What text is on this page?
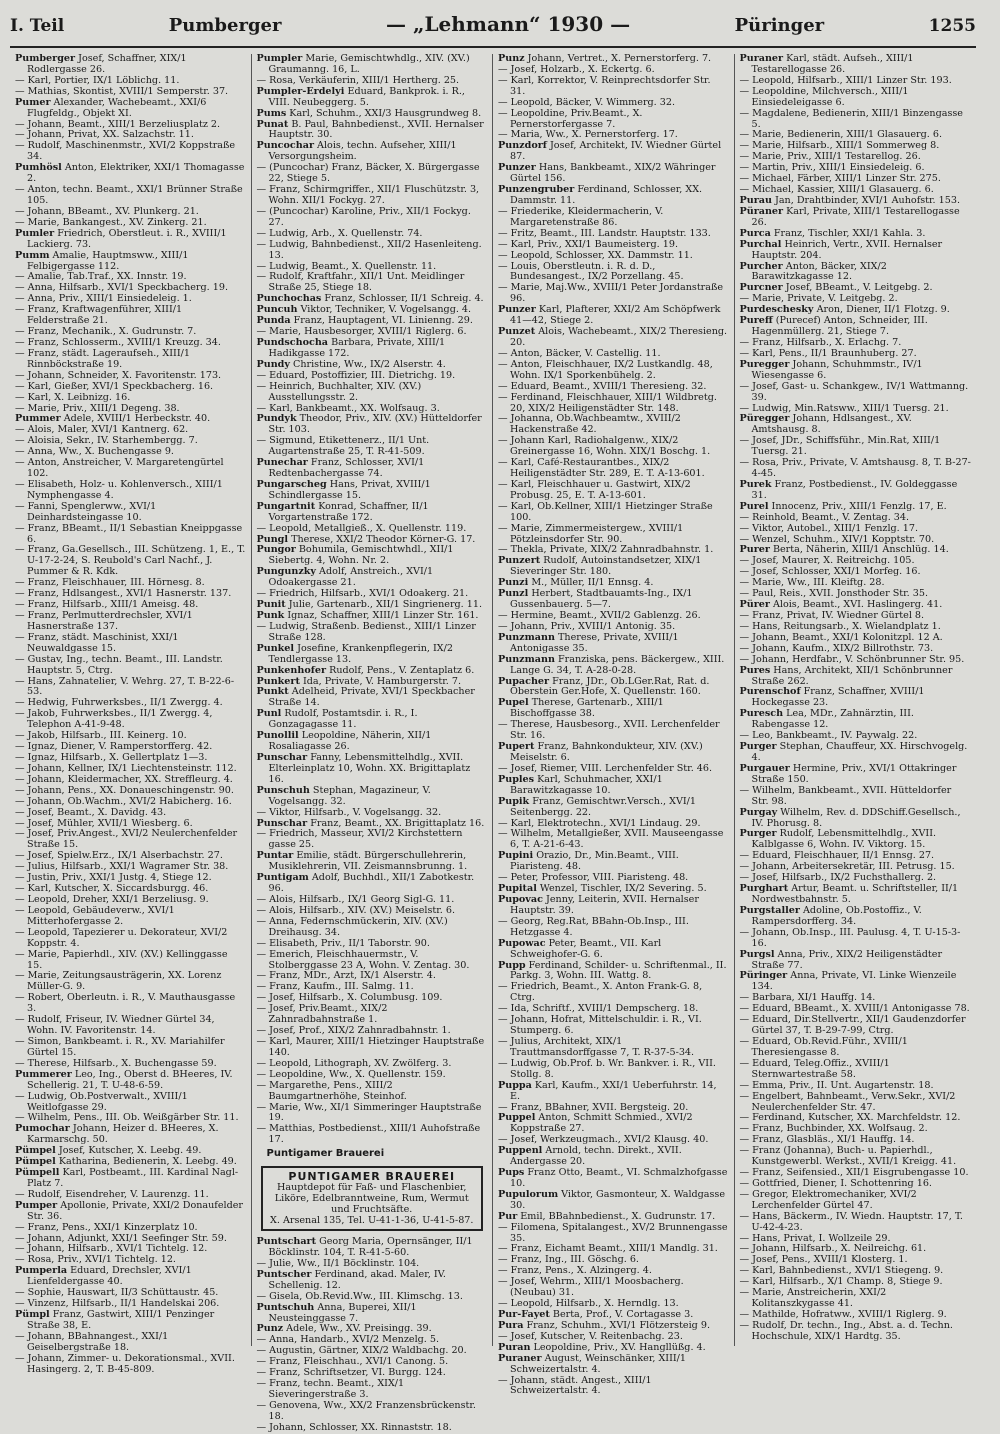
I. Teil	Pumberger	— „Lehmann“ 1930 —	Püringer	1255
Pumberger Josef, Schaffner, XIX/1 Rodlergasse 26.
— Karl, Portier, IX/1 Löblichg. 11.
— Mathias, Skontist, XVIII/1 Semperstr. 37.
Pumer Alexander, Wachebeamt., XXI/6 Flugfeldg., Objekt XI.
— Johann, Beamt., XIII/1 Berzeliusplatz 2.
— Johann, Privat, XX. Salzachstr. 11.
— Rudolf, Maschinenmstr., XVI/2 Koppstraße 34.
Pumhösl Anton, Elektriker, XXI/1 Thomagasse 2.
— Anton, techn. Beamt., XXI/1 Brünner Straße 105.
— Johann, BBeamt., XV. Plunkerg. 21.
— Marie, Bankangest., XV. Zinkerg. 21.
Pumler Friedrich, Oberstleut. i. R., XVIII/1 Lackierg. 73.
Pumm Amalie, Hauptmsww., XIII/1 Felbigergasse 112.
— Amalie, Tab.Traf., XX. Innstr. 19.
— Anna, Hilfsarb., XVI/1 Speckbacherg. 19.
— Anna, Priv., XIII/1 Einsiedeleig. 1.
— Franz, Kraftwagenführer, XIII/1 Felderstraße 21.
— Franz, Mechanik., X. Gudrunstr. 7.
— Franz, Schlosserm., XVIII/1 Kreuzg. 34.
— Franz, städt. Lageraufseh., XIII/1 Rinnböckstraße 19.
— Johann, Schneider, X. Favoritenstr. 173.
— Karl, Gießer, XVI/1 Speckbacherg. 16.
— Karl, X. Leibnizg. 16.
— Marie, Priv., XIII/1 Degeng. 38.
Pummer Adele, XVIII/1 Herbeckstr. 40.
— Alois, Maler, XVI/1 Kantnerg. 62.
— Aloisia, Sekr., IV. Starhembergg. 7.
— Anna, Ww., X. Buchengasse 9.
— Anton, Anstreicher, V. Margaretengürtel 102.
— Elisabeth, Holz- u. Kohlenversch., XIII/1 Nymphengasse 4.
— Fanni, Spenglerww., XVI/1 Deinhardsteingasse 10.
— Franz, BBeamt., II/1 Sebastian Kneippgasse 6.
— Franz, Ga.Gesellsch., III. Schützeng. 1, E., T. U-17-2-24, S. Reubold's Carl Nachf., J. Pummer & R. Kdk.
— Franz, Fleischhauer, III. Hörnesg. 8.
— Franz, Hdlsangest., XVI/1 Hasnerstr. 137.
— Franz, Hilfsarb., XIII/1 Ameisg. 48.
— Franz, Perlmutterdrechsler, XVI/1 Hasnerstraße 137.
— Franz, städt. Maschinist, XXI/1 Neuwaldgasse 15.
— Gustav, Ing., techn. Beamt., III. Landstr. Hauptstr. 5, Ctrg.
— Hans, Zahnatelier, V. Wehrg. 27, T. B-22-6-53.
— Hedwig, Fuhrwerksbes., II/1 Zwergg. 4.
— Jakob, Fuhrwerksbes., II/1 Zwergg. 4, Telephon A-41-9-48.
— Jakob, Hilfsarb., III. Keinerg. 10.
— Ignaz, Diener, V. Ramperstorfferg. 42.
— Ignaz, Hilfsarb., X. Gellertplatz 1—3.
— Johann, Kellner, IX/1 Liechtensteinstr. 112.
— Johann, Kleidermacher, XX. Streffleurg. 4.
— Johann, Pens., XX. Donaueschingenstr. 90.
— Johann, Ob.Wachm., XVI/2 Habicherg. 16.
— Josef, Beamt., X. Davidg. 43.
— Josef, Mühler, XVII/1 Wiesberg. 6.
— Josef, Priv.Angest., XVI/2 Neulerchenfelder Straße 15.
— Josef, Spielw.Erz., IX/1 Alserbachstr. 27.
— Julius, Hilfsarb., XXI/1 Wagramer Str. 38.
— Justin, Priv., XXI/1 Justg. 4, Stiege 12.
— Karl, Kutscher, X. Siccardsburgg. 46.
— Leopold, Dreher, XXI/1 Berzeliusg. 9.
— Leopold, Gebäudeverw., XVI/1 Mitterhofergasse 2.
— Leopold, Tapezierer u. Dekorateur, XVI/2 Koppstr. 4.
— Marie, Papierhdl., XIV. (XV.) Kellinggasse 15.
— Marie, Zeitungsausträgerin, XX. Lorenz Müller-G. 9.
— Robert, Oberleutn. i. R., V. Mauthausgasse 3.
— Rudolf, Friseur, IV. Wiedner Gürtel 34, Wohn. IV. Favoritenstr. 14.
— Simon, Bankbeamt. i. R., XV. Mariahilfer Gürtel 15.
— Therese, Hilfsarb., X. Buchengasse 59.
Pummerer Leo, Ing., Oberst d. BHeeres, IV. Schellerig. 21, T. U-48-6-59.
— Ludwig, Ob.Postverwalt., XVIII/1 Weitlofgasse 29.
— Wilhelm, Pens., III. Ob. Weißgärber Str. 11.
Pumochar Johann, Heizer d. BHeeres, X. Karmarschg. 50.
Pümpel Josef, Kutscher, X. Leebg. 49.
Pümpel Katharina, Bedienerin, X. Leebg. 49.
Pümpell Karl, Postbeamt., III. Kardinal Nagl-Platz 7.
— Rudolf, Eisendreher, V. Laurenzg. 11.
Pumper Apollonie, Private, XXI/2 Donaufelder Str. 36.
— Franz, Pens., XXI/1 Kinzerplatz 10.
— Johann, Adjunkt, XXI/1 Seefinger Str. 59.
— Johann, Hilfsarb., XVI/1 Tichtelg. 12.
— Rosa, Priv., XVI/1 Tichtelg. 12.
Pumperla Eduard, Drechsler, XVI/1 Lienfeldergasse 40.
— Sophie, Hauswart, II/3 Schüttaustr. 45.
— Vinzenz, Hilfsarb., II/1 Handelskai 206.
Pümpl Franz, Gastwirt, XIII/1 Penzinger Straße 38, E.
— Johann, BBahnangest., XXI/1 Geiselbergstraße 18.
— Johann, Zimmer- u. Dekorationsmal., XVII. Hasingerg. 2, T. B-45-809.
Pumpler Marie, Gemischtwhdlg., XIV. (XV.) Graumanng. 16, L.
— Rosa, Verkäuferin, XIII/1 Hertherg. 25.
Pumpler-Erdelyi Eduard, Bankprok. i. R., VIII. Neubeggerg. 5.
Pums Karl, Schuhm., XXI/3 Hausgrundweg 8.
Punat B. Paul, Bahnbedienst., XVII. Hernalser Hauptstr. 30.
Puncochar Alois, techn. Aufseher, XIII/1 Versorgungsheim.
— (Puncochar) Franz, Bäcker, X. Bürgergasse 22, Stiege 5.
— Franz, Schirmgriffer., XII/1 Fluschützstr. 3, Wohn. XII/1 Fockyg. 27.
— (Puncochar) Karoline, Priv., XII/1 Fockyg. 27.
— Ludwig, Arb., X. Quellenstr. 74.
— Ludwig, Bahnbedienst., XII/2 Hasenleiteng. 13.
— Ludwig, Beamt., X. Quellenstr. 11.
— Rudolf, Kraftfahr., XII/1 Unt. Meidlinger Straße 25, Stiege 18.
Punchochas Franz, Schlosser, II/1 Schreig. 4.
Puncuh Viktor, Techniker, V. Vogelsangg. 4.
Punda Franz, Hauptagent, VI. Linienng. 29.
— Marie, Hausbesorger, XVIII/1 Riglerg. 6.
Pundschocha Barbara, Private, XIII/1 Hadikgasse 172.
Pundy Christine, Ww., IX/2 Alserstr. 4.
— Eduard, Postoffizier, III. Dietrichg. 19.
— Heinrich, Buchhalter, XIV. (XV.) Ausstellungsstr. 2.
— Karl, Bankbeamt., XX. Wolfsaug. 3.
Pundyk Theodor, Priv., XIV. (XV.) Hütteldorfer Str. 103.
— Sigmund, Etikettenerz., II/1 Unt. Augartenstraße 25, T. R-41-509.
Punechar Franz, Schlosser, XVI/1 Redtenbachergasse 74.
Pungarscheg Hans, Privat, XVIII/1 Schindlergasse 15.
Pungartnit Konrad, Schaffner, II/1 Vorgartenstraße 172.
— Leopold, Metallgieß., X. Quellenstr. 119.
Pungl Therese, XXI/2 Theodor Körner-G. 17.
Pungor Bohumila, Gemischtwhdl., XII/1 Siebertg. 4, Wohn. Nr. 2.
Pungunzky Adolf, Anstreich., XVI/1 Odoakergasse 21.
— Friedrich, Hilfsarb., XVI/1 Odoakerg. 21.
Punit Julie, Gartenarb., XII/1 Singrienerg. 11.
Punk Ignaz, Schaffner, XIII/1 Linzer Str. 161.
— Ludwig, Straßenb. Bedienst., XIII/1 Linzer Straße 128.
Punkel Josefine, Krankenpflegerin, IX/2 Tendlergasse 13.
Punkenhofer Rudolf, Pens., V. Zentaplatz 6.
Punkert Ida, Private, V. Hamburgerstr. 7.
Punkt Adelheid, Private, XVI/1 Speckbacher Straße 14.
Punl Rudolf, Postamtsdir. i. R., I. Gonzagagasse 11.
Punollil Leopoldine, Näherin, XII/1 Rosaliagasse 26.
Punschar Fanny, Lebensmittelhdlg., XVII. Elterleinplatz 10, Wohn. XX. Brigittaplatz 16.
Punschuh Stephan, Magazineur, V. Vogelsangg. 32.
— Viktor, Hilfsarb., V. Vogelsangg. 32.
Punschar Franz, Beamt., XX. Brigittaplatz 16.
— Friedrich, Masseur, XVI/2 Kirchstettern gasse 25.
Puntar Emilie, städt. Bürgerschullehrerin, Musiklehrerin, VII. Zeismannsbrunng. 1.
Puntigam Adolf, Buchhdl., XII/1 Zabotkestr. 96.
— Alois, Hilfsarb., IX/1 Georg Sigl-G. 11.
— Alois, Hilfsarb., XIV. (XV.) Meiselstr. 6.
— Anna, Federnschmückerin, XIV. (XV.) Dreihausg. 34.
— Elisabeth, Priv., II/1 Taborstr. 90.
— Emerich, Fleischhauermstr., V. Stolberggasse 23 A, Wohn. V. Zentag. 30.
— Franz, MDr., Arzt, IX/1 Alserstr. 4.
— Franz, Kaufm., III. Salmg. 11.
— Josef, Hilfsarb., X. Columbusg. 109.
— Josef, Priv.Beamt., XIX/2 Zahnradbahnstraße 1.
— Josef, Prof., XIX/2 Zahnradbahnstr. 1.
— Karl, Maurer, XIII/1 Hietzinger Hauptstraße 140.
— Leopold, Lithograph, XV. Zwölferg. 3.
— Leopoldine, Ww., X. Quellenstr. 159.
— Margarethe, Pens., XIII/2 Baumgartnerhöhe, Steinhof.
— Marie, Ww., XI/1 Simmeringer Hauptstraße 19.
— Matthias, Postbedienst., XIII/1 Auhofstraße 17.
Puntigamer Brauerei
PUNTIGAMER BRAUEREI
Hauptdepot für Faß- und Flaschenbier, Liköre, Edelbranntweine, Rum, Wermut und Fruchtsäfte.
X. Arsenal 135, Tel. U-41-1-36, U-41-5-87.
Puntschart Georg Maria, Opernsänger, II/1 Böcklinstr. 104, T. R-41-5-60.
— Julie, Ww., II/1 Böcklinstr. 104.
Puntscher Ferdinand, akad. Maler, IV. Schellenig. 12.
— Gisela, Ob.Revid.Ww., III. Klimschg. 13.
Puntschuh Anna, Buperei, XII/1 Neusteinggasse 7.
Punz Adele, Ww., XV. Preisingg. 39.
— Anna, Handarb., XVI/2 Menzelg. 5.
— Augustin, Gärtner, XIX/2 Waldbachg. 20.
— Franz, Fleischhau., XVI/1 Canong. 5.
— Franz, Schriftsetzer, VI. Burgg. 124.
— Franz, techn. Beamt., XIX/1 Sieveringerstraße 3.
— Genovena, Ww., XX/2 Franzensbrückenstr. 18.
— Johann, Schlosser, XX. Rinnaststr. 18.
Punz Johann, Vertret., X. Pernerstorferg. 7.
— Josef, Holzarb., X. Eckertg. 6.
— Karl, Korrektor, V. Reinprechtsdorfer Str. 31.
— Leopold, Bäcker, V. Wimmerg. 32.
— Leopoldine, Priv.Beamt., X. Pernerstorfergasse 7.
— Maria, Ww., X. Pernerstorferg. 17.
Punzdorf Josef, Architekt, IV. Wiedner Gürtel 87.
Punzer Hans, Bankbeamt., XIX/2 Währinger Gürtel 156.
Punzengruber Ferdinand, Schlosser, XX. Dammstr. 11.
— Friederike, Kleidermacherin, V. Margaretenstraße 86.
— Fritz, Beamt., III. Landstr. Hauptstr. 133.
— Karl, Priv., XXI/1 Baumeisterg. 19.
— Leopold, Schlosser, XX. Dammstr. 11.
— Louis, Oberstleutn. i. R. d. D., Bundesangest., IX/2 Porzellang. 45.
— Marie, Maj.Ww., XVIII/1 Peter Jordanstraße 96.
Punzer Karl, Plafterer, XXI/2 Am Schöpfwerk 41—42, Stiege 2.
Punzet Alois, Wachebeamt., XIX/2 Theresieng. 20.
— Anton, Bäcker, V. Castellig. 11.
— Anton, Fleischhauer, IX/2 Lustkandlg. 48, Wohn. IX/1 Sporkenbühelg. 2.
— Eduard, Beamt., XVIII/1 Theresieng. 32.
— Ferdinand, Fleischhauer, XIII/1 Wildbretg. 20, XIX/2 Heiligenstädter Str. 148.
— Johanna, Ob.Wachbeamtw., XVIII/2 Hackenstraße 42.
— Johann Karl, Radiohalgenw., XIX/2 Greinergasse 16, Wohn. XIX/1 Boschg. 1.
— Karl, Café-Restaurantbes., XIX/2 Heiligenstädter Str. 289, E. T. A-13-601.
— Karl, Fleischhauer u. Gastwirt, XIX/2 Probusg. 25, E. T. A-13-601.
— Karl, Ob.Kellner, XIII/1 Hietzinger Straße 100.
— Marie, Zimmermeistergew., XVIII/1 Pötzleinsdorfer Str. 90.
— Thekla, Private, XIX/2 Zahnradbahnstr. 1.
Punzert Rudolf, Autoinstandsetzer, XIX/1 Sieveringer Str. 180.
Punzi M., Müller, II/1 Ennsg. 4.
Punzl Herbert, Stadtbauamts-Ing., IX/1 Gussenbauerg. 5—7.
— Hermine, Beamt., XVII/2 Gablenzg. 26.
— Johann, Priv., XVIII/1 Antonig. 35.
Punzmann Therese, Private, XVIII/1 Antonigasse 35.
Punzmann Franziska, pens. Bäckergew., XIII. Lange G. 34, T. A-28-0-28.
Pupacher Franz, JDr., Ob.LGer.Rat, Rat. d. Oberstein Ger.Hofe, X. Quellenstr. 160.
Pupel Therese, Gartenarb., XIII/1 Bischoffgasse 38.
— Therese, Hausbesorg., XVII. Lerchenfelder Str. 16.
Pupert Franz, Bahnkondukteur, XIV. (XV.) Meiselstr. 6.
— Josef, Riemer, VIII. Lerchenfelder Str. 46.
Puples Karl, Schuhmacher, XXI/1 Barawitzkagasse 10.
Pupik Franz, Gemischtwr.Versch., XVI/1 Seitenbergg. 22.
— Karl, Elektrotechn., XVI/1 Lindaug. 29.
— Wilhelm, Metallgießer, XVII. Mauseengasse 6, T. A-21-6-43.
Pupini Orazio, Dr., Min.Beamt., VIII. Piaristeng. 48.
— Peter, Professor, VIII. Piaristeng. 48.
Pupital Wenzel, Tischler, IX/2 Severing. 5.
Pupovac Jenny, Leiterin, XVII. Hernalser Hauptstr. 39.
— Georg, Reg.Rat, BBahn-Ob.Insp., III. Hetzgasse 4.
Pupowac Peter, Beamt., VII. Karl Schweighofer-G. 6.
Pupp Ferdinand, Schilder- u. Schriftenmal., II. Parkg. 3, Wohn. III. Wattg. 8.
— Friedrich, Beamt., X. Anton Frank-G. 8, Ctrg.
— Ida, Schriftf., XVIII/1 Dempscherg. 18.
— Johann, Hofrat, Mittelschuldir. i. R., VI. Stumperg. 6.
— Julius, Architekt, XIX/1 Trauttmansdorffgasse 7, T. R-37-5-34.
— Ludwig, Ob.Prof. b. Wr. Bankver. i. R., VII. Stollg. 8.
Puppa Karl, Kaufm., XXI/1 Ueberfuhrstr. 14, E.
— Franz, BBahner, XVII. Bergsteig. 20.
Puppel Anton, Schmitt Schmied., XVI/2 Koppstraße 27.
— Josef, Werkzeugmach., XVI/2 Klausg. 40.
Puppenl Arnold, techn. Direkt., XVII. Andergasse 20.
Pups Franz Otto, Beamt., VI. Schmalzhofgasse 10.
Pupulorum Viktor, Gasmonteur, X. Waldgasse 30.
Pur Emil, BBahnbedienst., X. Gudrunstr. 17.
— Filomena, Spitalangest., XV/2 Brunnengasse 35.
— Franz, Eichamt Beamt., XIII/1 Mandlg. 31.
— Franz, Ing., III. Göschg. 6.
— Franz, Pens., X. Alzingerg. 4.
— Josef, Wehrm., XIII/1 Moosbacherg. (Neubau) 31.
— Leopold, Hilfsarb., X. Herndlg. 13.
Pur-Fayet Berta, Prof., V. Cortagasse 3.
Pura Franz, Schuhm., XVI/1 Flötzersteig 9.
— Josef, Kutscher, V. Reitenbachg. 23.
Puran Leopoldine, Priv., XV. Hangllüßg. 4.
Puraner August, Weinschänker, XIII/1 Schweizertalstr. 4.
— Johann, städt. Angest., XIII/1 Schweizertalstr. 4.
Puraner Karl, städt. Aufseh., XIII/1 Testarellogasse 26.
— Leopold, Hilfsarb., XIII/1 Linzer Str. 193.
— Leopoldine, Milchversch., XIII/1 Einsiedeleigasse 6.
— Magdalene, Bedienerin, XIII/1 Binzengasse 5.
— Marie, Bedienerin, XIII/1 Glasauerg. 6.
— Marie, Hilfsarb., XIII/1 Sommerweg 8.
— Marie, Priv., XIII/1 Testarellog. 26.
— Martin, Priv., XIII/1 Einsiedeleig. 6.
— Michael, Färber, XIII/1 Linzer Str. 275.
— Michael, Kassier, XIII/1 Glasauerg. 6.
Purau Jan, Drahtbinder, XVI/1 Auhofstr. 153.
Püraner Karl, Private, XIII/1 Testarellogasse 26.
Purca Franz, Tischler, XXI/1 Kahla. 3.
Purchal Heinrich, Vertr., XVII. Hernalser Hauptstr. 204.
Purcher Anton, Bäcker, XIX/2 Barawitzkagasse 12.
Purcner Josef, BBeamt., V. Leitgebg. 2.
— Marie, Private, V. Leitgebg. 2.
Purdeschesky Aron, Diener, II/1 Flotzg. 9.
Pureff (Purecef) Anton, Schneider, III. Hagenmüllerg. 21, Stiege 7.
— Franz, Hilfsarb., X. Erlachg. 7.
— Karl, Pens., II/1 Braunhuberg. 27.
Puregger Johann, Schuhmmstr., IV/1 Wiesengasse 6.
— Josef, Gast- u. Schankgew., IV/1 Wattmanng. 39.
— Ludwig, Min.Ratsww., XIII/1 Tuersg. 21.
Püregger Johann, Hdlsangest., XV. Amtshausg. 8.
— Josef, JDr., Schiffsführ., Min.Rat, XIII/1 Tuersg. 21.
— Rosa, Priv., Private, V. Amtshausg. 8, T. B-27-4-45.
Purek Franz, Postbedienst., IV. Goldeggasse 31.
Purel Innocenz, Priv., XIII/1 Fenzlg. 17, E.
— Reinhold, Beamt., V. Zentag. 34.
— Viktor, Autobel., XIII/1 Fenzlg. 17.
— Wenzel, Schuhm., XIV/1 Kopptstr. 70.
Purer Berta, Näherin, XIII/1 Anschlüg. 14.
— Josef, Maurer, X. Reitreichg. 105.
— Josef, Schlosser, XXI/1 Morfeg. 16.
— Marie, Ww., III. Kleiftg. 28.
— Paul, Reis., XVII. Jonsthoder Str. 35.
Pürer Alois, Beamt., XVI. Haslingerg. 41.
— Franz, Privat, IV. Wiedner Gürtel 8.
— Hans, Reitungsarb., X. Wielandplatz 1.
— Johann, Beamt., XXI/1 Kolonitzpl. 12 A.
— Johann, Kaufm., XIX/2 Billrothstr. 73.
— Johann, Herdfabr., V. Schönbrunner Str. 95.
Pures Hans, Architekt, XII/1 Schönbrunner Straße 262.
Purenschof Franz, Schaffner, XVIII/1 Hockegasse 23.
Puresch Lea, MDr., Zahnärztin, III. Rabengasse 12.
— Leo, Bankbeamt., IV. Paywalg. 22.
Purger Stephan, Chauffeur, XX. Hirschvogelg. 4.
Purgauer Hermine, Priv., XVI/1 Ottakringer Straße 150.
— Wilhelm, Bankbeamt., XVII. Hütteldorfer Str. 98.
Purgay Wilhelm, Rev. d. DDSchiff.Gesellsch., IV. Phorusg. 8.
Purger Rudolf, Lebensmittelhdlg., XVII. Kalblgasse 6, Wohn. IV. Viktorg. 15.
— Eduard, Fleischhauer, II/1 Ennsg. 27.
— Johann, Arbeitersekretär, III. Petrusg. 15.
— Josef, Hilfsarb., IX/2 Fuchsthallerg. 2.
Purghart Artur, Beamt. u. Schriftsteller, II/1 Nordwestbahnstr. 5.
Purgstaller Adoline, Ob.Postoffiz., V. Rampersdorfferg. 34.
— Johann, Ob.Insp., III. Paulusg. 4, T. U-15-3-16.
Purgsl Anna, Priv., XIX/2 Heiligenstädter Straße 77.
Püringer Anna, Private, VI. Linke Wienzeile 134.
— Barbara, XI/1 Hauffg. 14.
— Eduard, BBeamt., X. XVIII/1 Antonigasse 78.
— Eduard, Dir.Stellvertr., XII/1 Gaudenzdorfer Gürtel 37, T. B-29-7-99, Ctrg.
— Eduard, Ob.Revid.Führ., XVIII/1 Theresiengasse 8.
— Eduard, Teleg.Offiz., XVIII/1 Sternwartestraße 58.
— Emma, Priv., II. Unt. Augartenstr. 18.
— Engelbert, Bahnbeamt., Verw.Sekr., XVI/2 Neulerchenfelder Str. 47.
— Ferdinand, Kutscher, XX. Marchfeldstr. 12.
— Franz, Buchbinder, XX. Wolfsaug. 2.
— Franz, Glasbläs., XI/1 Hauffg. 14.
— Franz (Johanna), Buch- u. Papierhdl., Kunstgewerbl. Werkst., XVII/1 Kreigg. 41.
— Franz, Seifensied., XII/1 Eisgrubengasse 10.
— Gottfried, Diener, I. Schottenring 16.
— Gregor, Elektromechaniker, XVI/2 Lerchenfelder Gürtel 47.
— Hans, Bäckerm., IV. Wiedn. Hauptstr. 17, T. U-42-4-23.
— Hans, Privat, I. Wollzeile 29.
— Johann, Hilfsarb., X. Neilreichg. 61.
— Josef, Pens., XVIII/1 Klosterg. 1.
— Karl, Bahnbedienst., XVI/1 Stiegeng. 9.
— Karl, Hilfsarb., X/1 Champ. 8, Stiege 9.
— Marie, Anstreicherin, XXI/2 Kolitanszkygasse 41.
— Mathilde, Hofratww., XVIII/1 Riglerg. 9.
— Rudolf, Dr. techn., Ing., Abst. a. d. Techn. Hochschule, XIX/1 Hardtg. 35.
